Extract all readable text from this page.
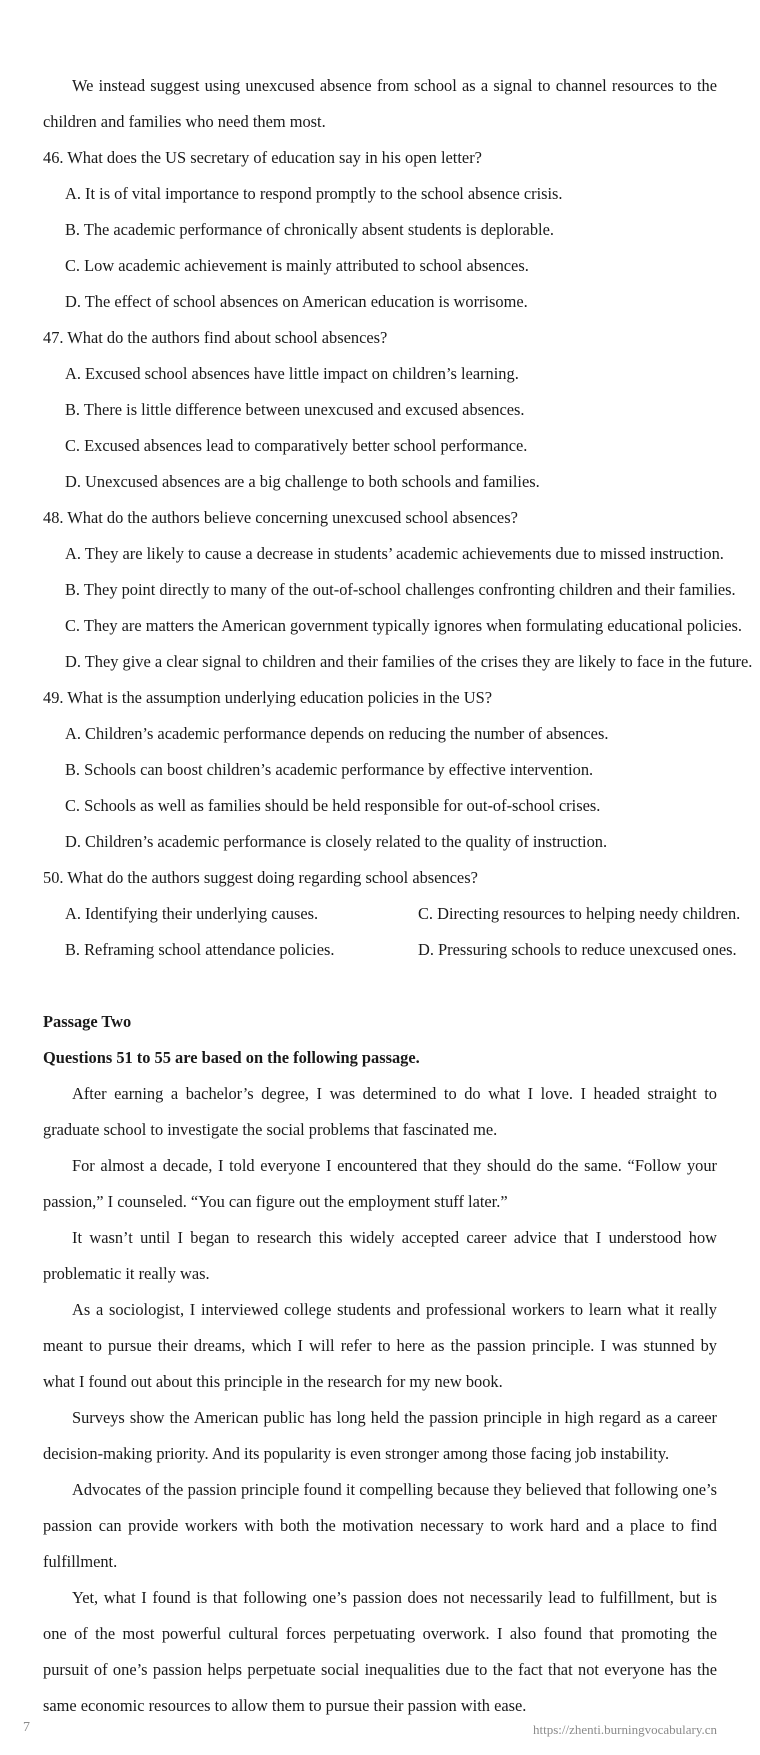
We instead suggest using unexcused absence from school as a signal to channel resources to the children and families who need them most.

46. What does the US secretary of education say in his open letter?

A. It is of vital importance to respond promptly to the school absence crisis.

B. The academic performance of chronically absent students is deplorable.

C. Low academic achievement is mainly attributed to school absences.

D. The effect of school absences on American education is worrisome.

47. What do the authors find about school absences?

A. Excused school absences have little impact on children’s learning.

B. There is little difference between unexcused and excused absences.

C. Excused absences lead to comparatively better school performance.

D. Unexcused absences are a big challenge to both schools and families.

48. What do the authors believe concerning unexcused school absences?

A. They are likely to cause a decrease in students’ academic achievements due to missed instruction.

B. They point directly to many of the out-of-school challenges confronting children and their families.

C. They are matters the American government typically ignores when formulating educational policies.

D. They give a clear signal to children and their families of the crises they are likely to face in the future.

49. What is the assumption underlying education policies in the US?

A. Children’s academic performance depends on reducing the number of absences.

B. Schools can boost children’s academic performance by effective intervention.

C. Schools as well as families should be held responsible for out-of-school crises.

D. Children’s academic performance is closely related to the quality of instruction.

50. What do the authors suggest doing regarding school absences?

A. Identifying their underlying causes.	C. Directing resources to helping needy children.
B. Reframing school attendance policies.	D. Pressuring schools to reduce unexcused ones.

Passage Two

Questions 51 to 55 are based on the following passage.

After earning a bachelor’s degree, I was determined to do what I love. I headed straight to graduate school to investigate the social problems that fascinated me.

For almost a decade, I told everyone I encountered that they should do the same. “Follow your passion,” I counseled. “You can figure out the employment stuff later.”

It wasn’t until I began to research this widely accepted career advice that I understood how problematic it really was.

As a sociologist, I interviewed college students and professional workers to learn what it really meant to pursue their dreams, which I will refer to here as the passion principle. I was stunned by what I found out about this principle in the research for my new book.

Surveys show the American public has long held the passion principle in high regard as a career decision-making priority. And its popularity is even stronger among those facing job instability.

Advocates of the passion principle found it compelling because they believed that following one’s passion can provide workers with both the motivation necessary to work hard and a place to find fulfillment.

Yet, what I found is that following one’s passion does not necessarily lead to fulfillment, but is one of the most powerful cultural forces perpetuating overwork. I also found that promoting the pursuit of one’s passion helps perpetuate social inequalities due to the fact that not everyone has the same economic resources to allow them to pursue their passion with ease.

7	https://zhenti.burningvocabulary.cn
